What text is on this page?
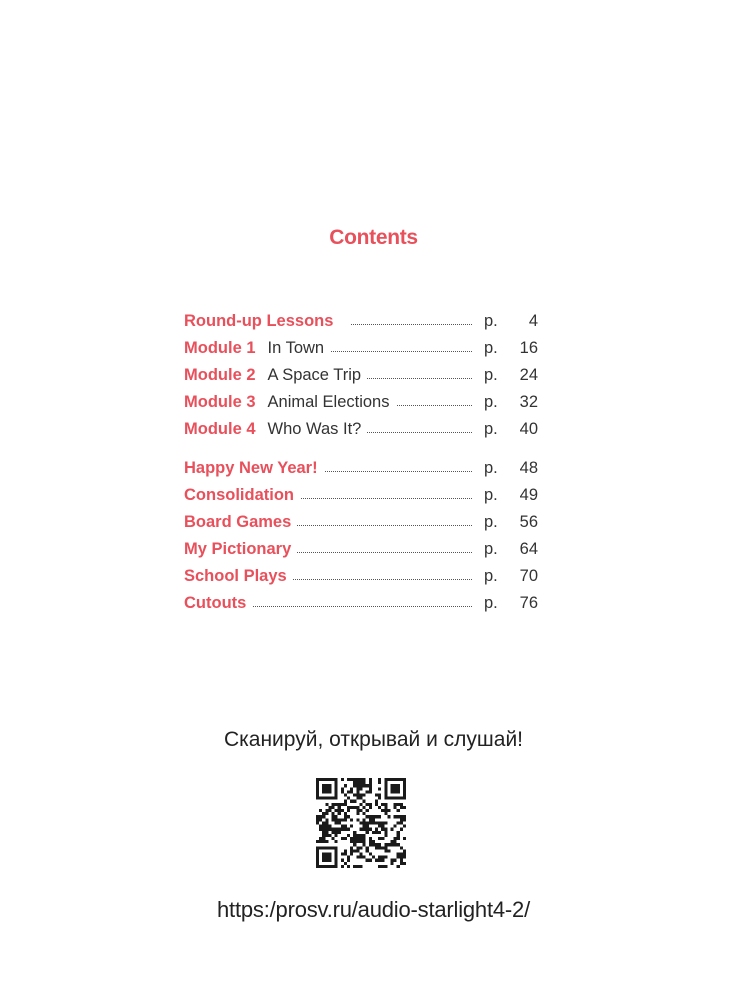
Contents
Round-up Lessons	p. 4
Module 1 In Town	p. 16
Module 2 A Space Trip	p. 24
Module 3 Animal Elections	p. 32
Module 4 Who Was It?	p. 40
Happy New Year!	p. 48
Consolidation	p. 49
Board Games	p. 56
My Pictionary	p. 64
School Plays	p. 70
Cutouts	p. 76
Сканируй, открывай и слушай!
https:/prosv.ru/audio-starlight4-2/
